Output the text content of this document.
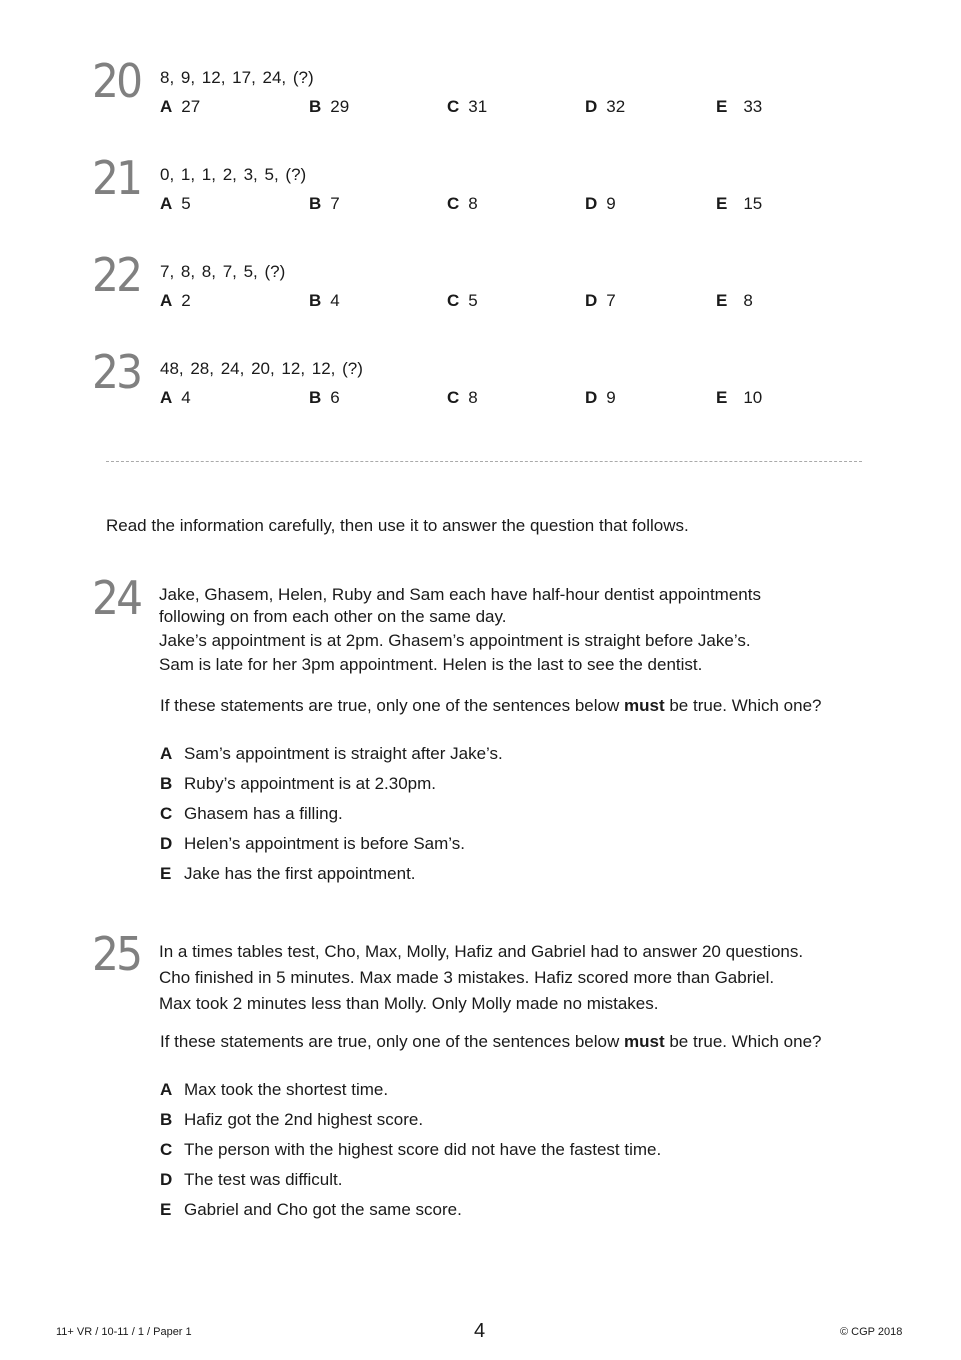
20 8, 9, 12, 17, 24, (?)
A 27	B 29	C 31	D 32	E 33
21 0, 1, 1, 2, 3, 5, (?)
A 5	B 7	C 8	D 9	E 15
22 7, 8, 8, 7, 5, (?)
A 2	B 4	C 5	D 7	E 8
23 48, 28, 24, 20, 12, 12, (?)
A 4	B 6	C 8	D 9	E 10
Read the information carefully, then use it to answer the question that follows.
24 Jake, Ghasem, Helen, Ruby and Sam each have half-hour dentist appointments

following on from each other on the same day.

Jake’s appointment is at 2pm. Ghasem’s appointment is straight before Jake’s.

Sam is late for her 3pm appointment. Helen is the last to see the dentist.

If these statements are true, only one of the sentences below must be true. Which one?
A Sam’s appointment is straight after Jake’s.
B Ruby’s appointment is at 2.30pm.
C Ghasem has a filling.
D Helen’s appointment is before Sam’s.
E Jake has the first appointment.
25 In a times tables test, Cho, Max, Molly, Hafiz and Gabriel had to answer 20 questions.

Cho finished in 5 minutes. Max made 3 mistakes. Hafiz scored more than Gabriel.

Max took 2 minutes less than Molly. Only Molly made no mistakes.

If these statements are true, only one of the sentences below must be true. Which one?
A Max took the shortest time.
B Hafiz got the 2nd highest score.
C The person with the highest score did not have the fastest time.
D The test was difficult.
E Gabriel and Cho got the same score.
11+ VR / 10-11 / 1 / Paper 1	4	© CGP 2018
